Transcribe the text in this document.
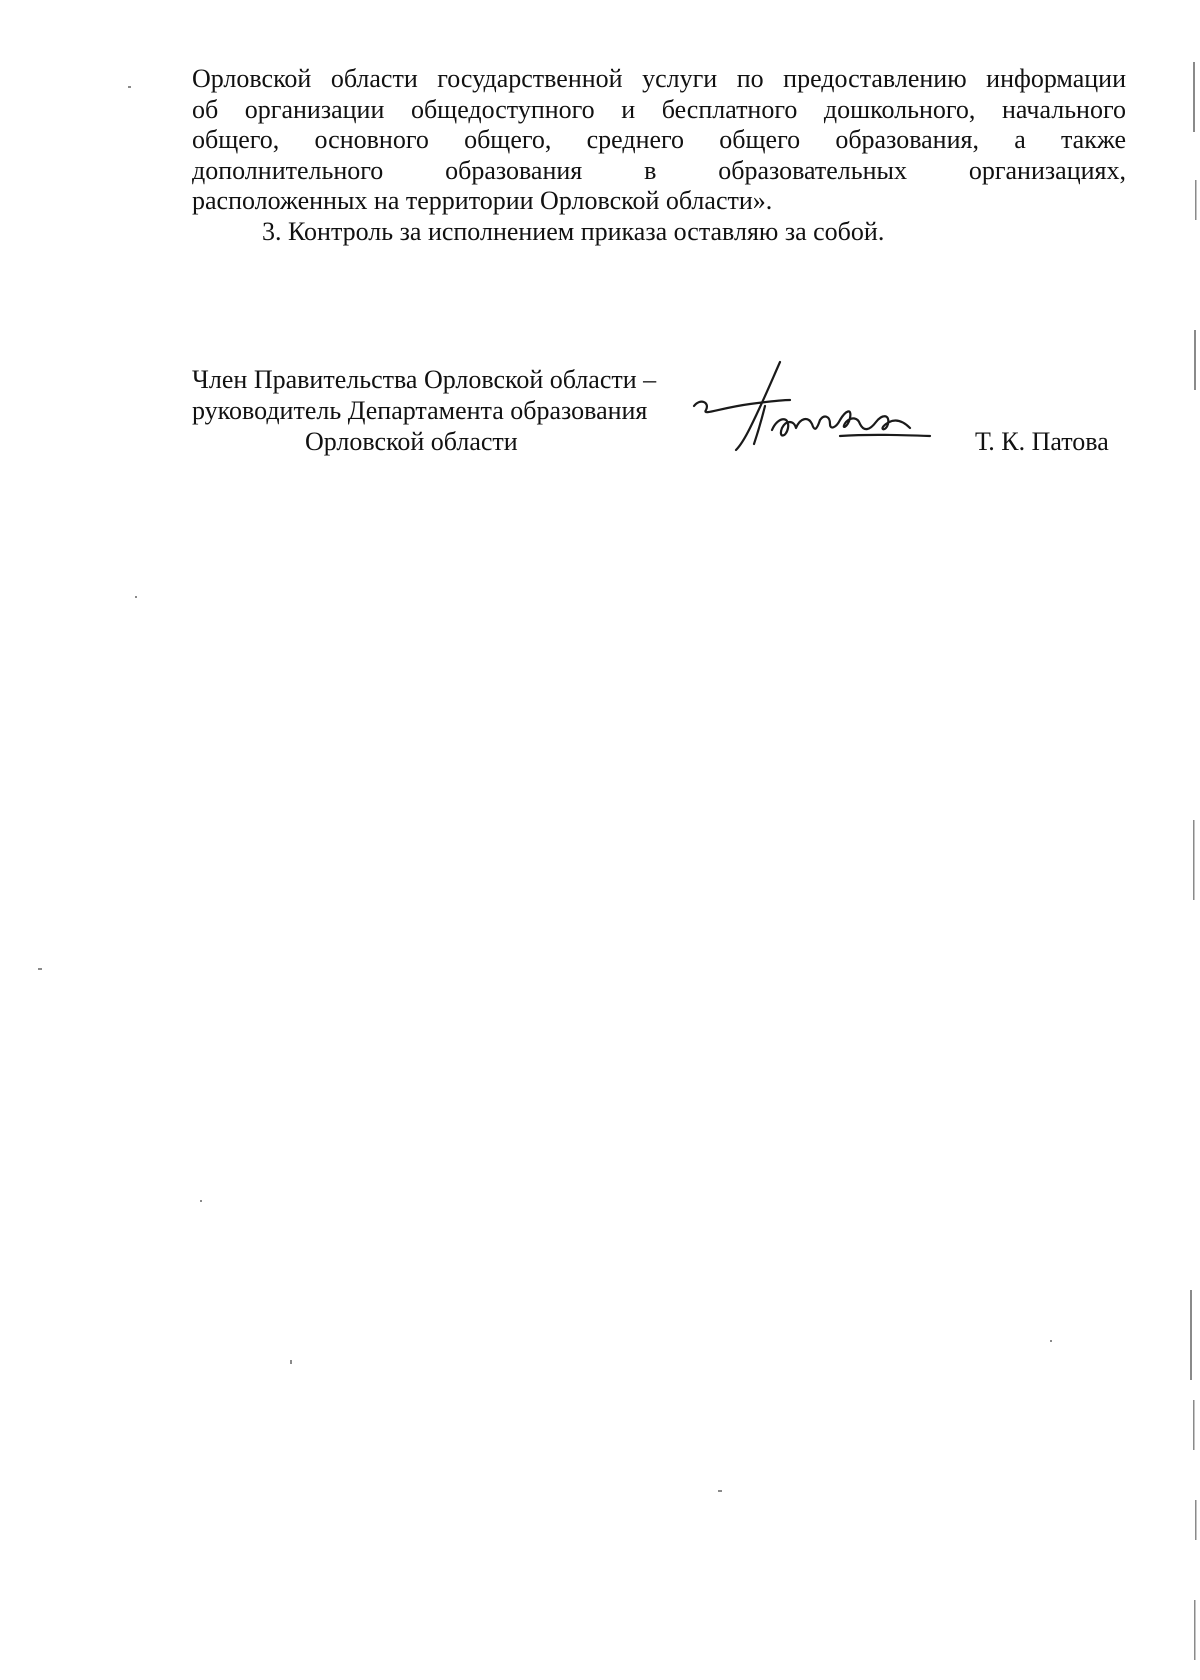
Орловской области государственной услуги по предоставлению информации
об организации общедоступного и бесплатного дошкольного, начального
общего, основного общего, среднего общего образования, а также
дополнительного образования в образовательных организациях,
расположенных на территории Орловской области».
3. Контроль за исполнением приказа оставляю за собой.
Член Правительства Орловской области –
руководитель Департамента образования
Орловской области	Т. К. Патова
